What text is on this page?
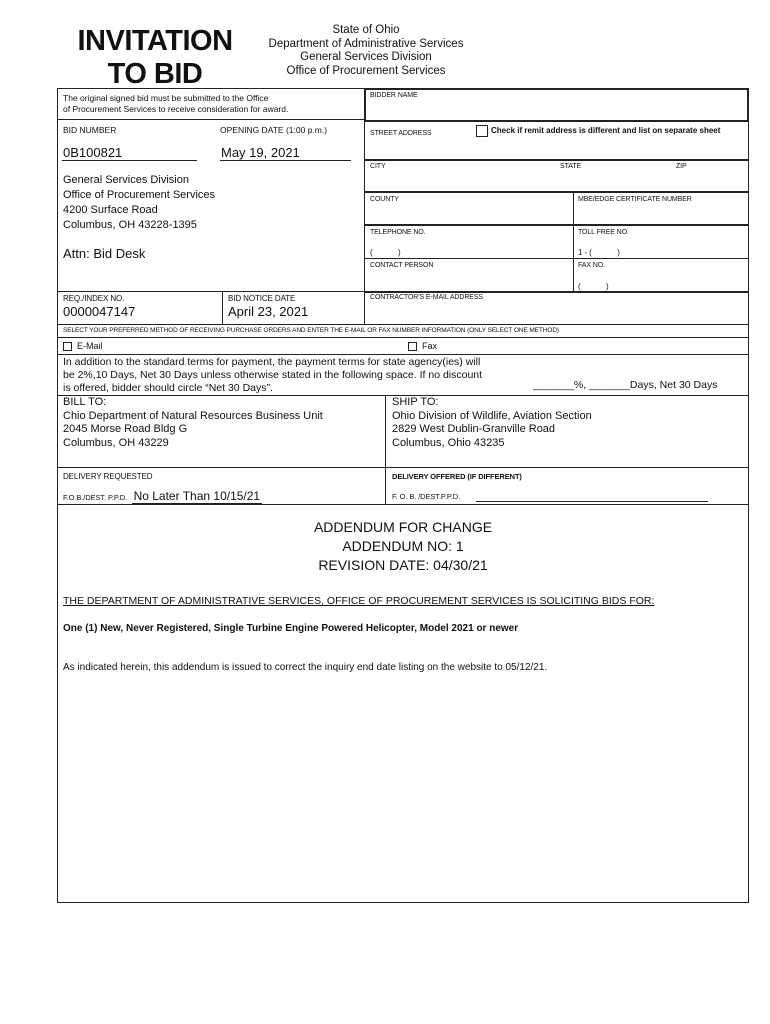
INVITATION
TO BID
State of Ohio
Department of Administrative Services
General Services Division
Office of Procurement Services
The original signed bid must be submitted to the Office
of Procurement Services to receive consideration for award.
BID NUMBER	OPENING DATE (1:00 p.m.)
0B100821	May 19, 2021
General Services Division
Office of Procurement Services
4200 Surface Road
Columbus, OH 43228-1395
Attn: Bid Desk
REQ./INDEX NO.
0000047147
BID NOTICE DATE
April 23, 2021
BIDDER NAME
STREET ADDRESS	Check if remit address is different and list on separate sheet
CITY	STATE	ZIP
COUNTY	MBE/EDGE CERTIFICATE NUMBER
TELEPHONE NO.
(            )
TOLL FREE NO.
1 - (            )
CONTACT PERSON	FAX NO.
(            )
CONTRACTOR'S E-MAIL ADDRESS
SELECT YOUR PREFERRED METHOD OF RECEIVING PURCHASE ORDERS AND ENTER THE E-MAIL OR FAX NUMBER INFORMATION (ONLY SELECT ONE METHOD)
E-Mail	Fax
In addition to the standard terms for payment, the payment terms for state agency(ies) will
be 2%,10 Days, Net 30 Days unless otherwise stated in the following space. If no discount
is offered, bidder should circle “Net 30 Days”.	_______%, _______Days, Net 30 Days
BILL TO:
Chio Department of Natural Resources Business Unit
2045 Morse Road Bldg G
Columbus, OH 43229
SHIP TO:
Ohio Division of Wildlife, Aviation Section
2829 West Dublin-Granville Road
Columbus, Ohio 43235
DELIVERY REQUESTED
F.O.B./DEST. P.P.D. No Later Than 10/15/21
DELIVERY OFFERED (IF DIFFERENT)
F. O. B. /DEST.P.P.D.
ADDENDUM FOR CHANGE
ADDENDUM NO: 1
REVISION DATE: 04/30/21
THE DEPARTMENT OF ADMINISTRATIVE SERVICES, OFFICE OF PROCUREMENT SERVICES IS SOLICITING BIDS FOR:
One (1) New, Never Registered, Single Turbine Engine Powered Helicopter, Model 2021 or newer
As indicated herein, this addendum is issued to correct the inquiry end date listing on the website to 05/12/21.
